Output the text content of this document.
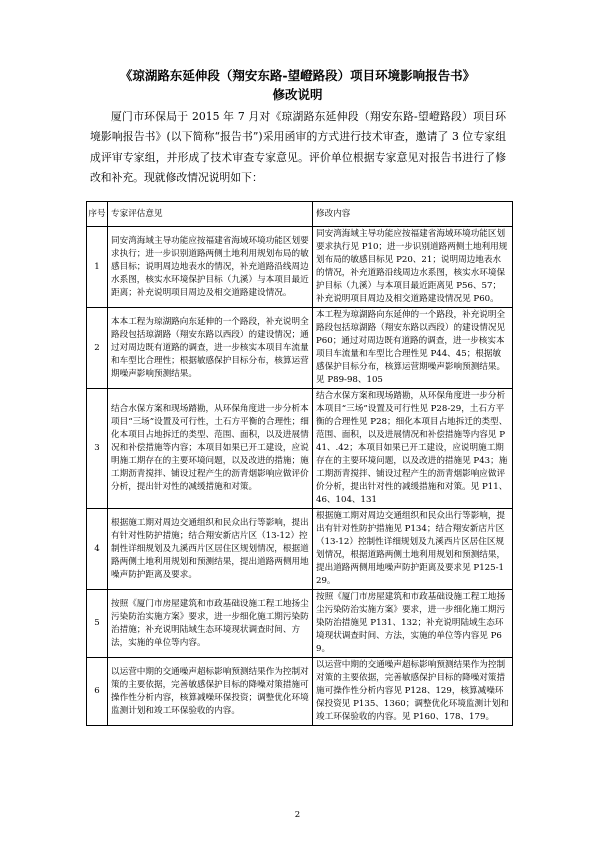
《琼湖路东延伸段（翔安东路-望嶝路段）项目环境影响报告书》
修改说明

厦门市环保局于 2015 年 7 月对《琼湖路东延伸段（翔安东路-望嶝路段）项目环境影响报告书》(以下简称“报告书”)采用函审的方式进行技术审查，邀请了 3 位专家组成评审专家组，并形成了技术审查专家意见。评价单位根据专家意见对报告书进行了修改和补充。现就修改情况说明如下：

序号	专家评估意见	修改内容
1	同安湾海域主导功能应按福建省海域环境功能区划要求执行；进一步识别道路两侧土地利用规划布局的敏感目标；说明周边地表水的情况，补充道路沿线周边水系图，核实水环境保护目标（九溪）与本项目最近距离；补充说明项目周边及相交道路建设情况。	同安湾海域主导功能应按福建省海域环境功能区划要求执行见 P10；进一步识别道路两侧土地利用规划布局的敏感目标见 P20、21；说明周边地表水的情况，补充道路沿线周边水系图，核实水环境保护目标（九溪）与本项目最近距离见 P56、57；补充说明项目周边及相交道路建设情况见 P60。
2	本本工程为琼湖路向东延伸的一个路段，补充说明全路段包括琼湖路（翔安东路以西段）的建设情况；通过对周边既有道路的调查，进一步核实本项目车流量和车型比合理性；根据敏感保护目标分布，核算运营期噪声影响预测结果。	本工程为琼湖路向东延伸的一个路段，补充说明全路段包括琼湖路（翔安东路以西段）的建设情况见 P60；通过对周边既有道路的调查，进一步核实本项目车流量和车型比合理性见 P44、45；根据敏感保护目标分布，核算运营期噪声影响预测结果。见 P89-98、105
3	结合水保方案和现场踏勘，从环保角度进一步分析本项目“三场”设置及可行性，土石方平衡的合理性；细化本项目占地拆迁的类型、范围、面积，以及进展情况和补偿措施等内容；本项目如果已开工建设，应说明施工期存在的主要环境问题，以及改进的措施；施工期沥青搅拌、铺设过程产生的沥青烟影响应做评价分析，提出针对性的减缓措施和对策。	结合水保方案和现场踏勘，从环保角度进一步分析本项目“三场”设置及可行性见 P28-29，土石方平衡的合理性见 P28；细化本项目占地拆迁的类型、范围、面积，以及进展情况和补偿措施等内容见 P41、.42；本项目如果已开工建设，应说明施工期存在的主要环境问题，以及改进的措施见 P43；施工期沥青搅拌、铺设过程产生的沥青烟影响应做评价分析，提出针对性的减缓措施和对策。见 P11、46、104、131
4	根据施工期对周边交通组织和民众出行等影响，提出有针对性防护措施；结合翔安新店片区（13-12）控制性详细规划及九溪西片区居住区规划情况，根据道路两侧土地利用规划和预测结果，提出道路两侧用地噪声防护距离及要求。	根据施工期对周边交通组织和民众出行等影响，提出有针对性防护措施见 P134；结合翔安新店片区（13-12）控制性详细规划及九溪西片区居住区规划情况，根据道路两侧土地利用规划和预测结果，提出道路两侧用地噪声防护距离及要求见 P125-129。
5	按照《厦门市房屋建筑和市政基础设施工程工地扬尘污染防治实施方案》要求，进一步细化施工期污染防治措施；补充说明陆域生态环境现状调查时间、方法，实施的单位等内容。	按照《厦门市房屋建筑和市政基础设施工程工地扬尘污染防治实施方案》要求，进一步细化施工期污染防治措施见 P131、132；补充说明陆域生态环境现状调查时间、方法，实施的单位等内容见 P69。
6	以运营中期的交通噪声超标影响预测结果作为控制对策的主要依据，完善敏感保护目标的降噪对策措施可操作性分析内容，核算减噪环保投资；调整优化环境监测计划和竣工环保验收的内容。	以运营中期的交通噪声超标影响预测结果作为控制对策的主要依据，完善敏感保护目标的降噪对策措施可操作性分析内容见 P128、129，核算减噪环保投资见 P135、1360；调整优化环境监测计划和竣工环保验收的内容。见 P160、178、179。
2
